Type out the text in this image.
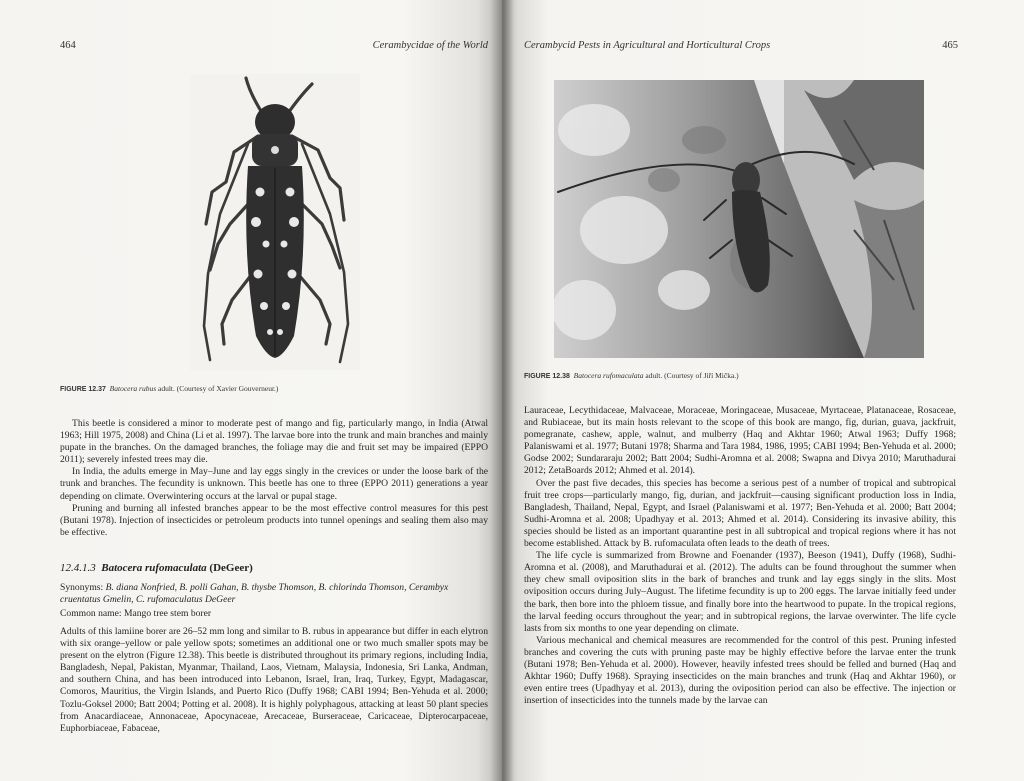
464	Cerambycidae of the World
FIGURE 12.37 Batocera rubus adult. (Courtesy of Xavier Gouverneur.)

This beetle is considered a minor to moderate pest of mango and fig, particularly mango, in India (Atwal 1963; Hill 1975, 2008) and China (Li et al. 1997). The larvae bore into the trunk and main branches and mainly pupate in the branches. On the damaged branches, the foliage may die and fruit set may be impaired (EPPO 2011); severely infested trees may die.

In India, the adults emerge in May–June and lay eggs singly in the crevices or under the loose bark of the trunk and branches. The fecundity is unknown. This beetle has one to three (EPPO 2011) generations a year depending on climate. Overwintering occurs at the larval or pupal stage.

Pruning and burning all infested branches appear to be the most effective control measures for this pest (Butani 1978). Injection of insecticides or petroleum products into tunnel openings and sealing them also may be effective.

12.4.1.3 Batocera rufomaculata (DeGeer)
Synonyms: B. diana Nonfried, B. polli Gahan, B. thysbe Thomson, B. chlorinda Thomson, Cerambyx cruentatus Gmelin, C. rufomaculatus DeGeer
Common name: Mango tree stem borer

Adults of this lamiine borer are 26–52 mm long and similar to B. rubus in appearance but differ in each elytron with six orange–yellow or pale yellow spots; sometimes an additional one or two much smaller spots may be present on the elytron (Figure 12.38). This beetle is distributed throughout its primary regions, including India, Bangladesh, Nepal, Pakistan, Myanmar, Thailand, Laos, Vietnam, Malaysia, Indonesia, Sri Lanka, Andman, and southern China, and has been introduced into Lebanon, Israel, Iran, Iraq, Turkey, Egypt, Madagascar, Comoros, Mauritius, the Virgin Islands, and Puerto Rico (Duffy 1968; CABI 1994; Ben-Yehuda et al. 2000; Tozlu-Goksel 2000; Batt 2004; Potting et al. 2008). It is highly polyphagous, attacking at least 50 plant species from Anacardiaceae, Annonaceae, Apocynaceae, Arecaceae, Burseraceae, Caricaceae, Dipterocarpaceae, Euphorbiaceae, Fabaceae,

Cerambycid Pests in Agricultural and Horticultural Crops	465
FIGURE 12.38 Batocera rufomaculata adult. (Courtesy of Jiří Mička.)

Lauraceae, Lecythidaceae, Malvaceae, Moraceae, Moringaceae, Musaceae, Myrtaceae, Platanaceae, Rosaceae, and Rubiaceae, but its main hosts relevant to the scope of this book are mango, fig, durian, guava, jackfruit, pomegranate, cashew, apple, walnut, and mulberry (Haq and Akhtar 1960; Atwal 1963; Duffy 1968; Palaniswami et al. 1977; Butani 1978; Sharma and Tara 1984, 1986, 1995; CABI 1994; Ben-Yehuda et al. 2000; Godse 2002; Sundararaju 2002; Batt 2004; Sudhi-Aromna et al. 2008; Swapna and Divya 2010; Maruthadurai 2012; ZetaBoards 2012; Ahmed et al. 2014).

Over the past five decades, this species has become a serious pest of a number of tropical and subtropical fruit tree crops—particularly mango, fig, durian, and jackfruit—causing significant production loss in India, Bangladesh, Thailand, Nepal, Egypt, and Israel (Palaniswami et al. 1977; Ben-Yehuda et al. 2000; Batt 2004; Sudhi-Aromna et al. 2008; Upadhyay et al. 2013; Ahmed et al. 2014). Considering its invasive ability, this species should be listed as an important quarantine pest in all subtropical and tropical regions where it has not become established. Attack by B. rufomaculata often leads to the death of trees.

The life cycle is summarized from Browne and Foenander (1937), Beeson (1941), Duffy (1968), Sudhi-Aromna et al. (2008), and Maruthadurai et al. (2012). The adults can be found throughout the summer when they chew small oviposition slits in the bark of branches and trunk and lay eggs singly in the slits. Most oviposition occurs during July–August. The lifetime fecundity is up to 200 eggs. The larvae initially feed under the bark, then bore into the phloem tissue, and finally bore into the heartwood to pupate. In the tropical regions, the larval feeding occurs throughout the year; and in subtropical regions, the larvae overwinter. The life cycle lasts from six months to one year depending on climate.

Various mechanical and chemical measures are recommended for the control of this pest. Pruning infested branches and covering the cuts with pruning paste may be highly effective before the larvae enter the trunk (Butani 1978; Ben-Yehuda et al. 2000). However, heavily infested trees should be felled and burned (Haq and Akhtar 1960; Duffy 1968). Spraying insecticides on the main branches and trunk (Haq and Akhtar 1960), or even entire trees (Upadhyay et al. 2013), during the oviposition period can also be effective. The injection or insertion of insecticides into the tunnels made by the larvae can
